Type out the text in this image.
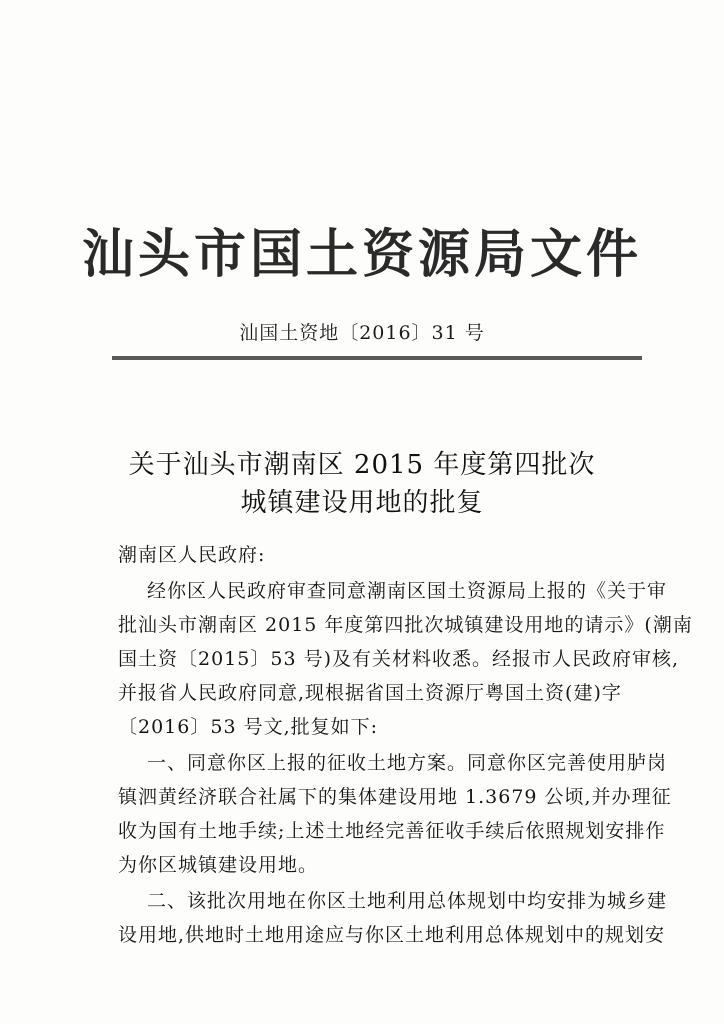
汕头市国土资源局文件
汕国土资地〔2016〕31 号
关于汕头市潮南区 2015 年度第四批次
城镇建设用地的批复
潮南区人民政府:
经你区人民政府审查同意潮南区国土资源局上报的《关于审
批汕头市潮南区 2015 年度第四批次城镇建设用地的请示》(潮南
国土资〔2015〕53 号)及有关材料收悉。经报市人民政府审核,
并报省人民政府同意,现根据省国土资源厅粤国土资(建)字
〔2016〕53 号文,批复如下:
一、同意你区上报的征收土地方案。同意你区完善使用胪岗
镇泗黄经济联合社属下的集体建设用地 1.3679 公顷,并办理征
收为国有土地手续;上述土地经完善征收手续后依照规划安排作
为你区城镇建设用地。
二、该批次用地在你区土地利用总体规划中均安排为城乡建
设用地,供地时土地用途应与你区土地利用总体规划中的规划安
